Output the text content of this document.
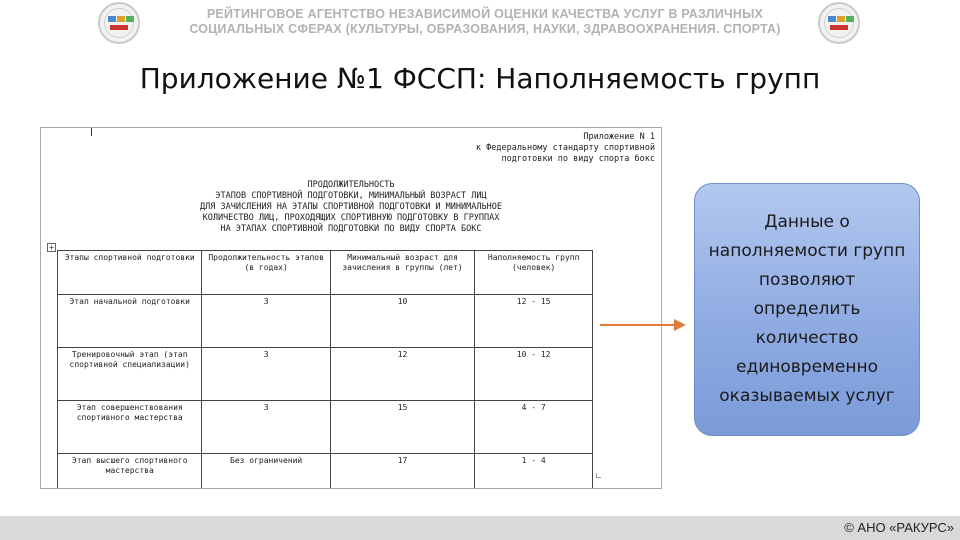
РЕЙТИНГОВОЕ АГЕНТСТВО НЕЗАВИСИМОЙ ОЦЕНКИ КАЧЕСТВА УСЛУГ В РАЗЛИЧНЫХ
СОЦИАЛЬНЫХ СФЕРАХ (КУЛЬТУРЫ, ОБРАЗОВАНИЯ, НАУКИ, ЗДРАВООХРАНЕНИЯ. СПОРТА)
Приложение №1 ФССП: Наполняемость групп
Приложение N 1
к Федеральному стандарту спортивной
подготовки по виду спорта бокс
ПРОДОЛЖИТЕЛЬНОСТЬ
ЭТАПОВ СПОРТИВНОЙ ПОДГОТОВКИ, МИНИМАЛЬНЫЙ ВОЗРАСТ ЛИЦ
ДЛЯ ЗАЧИСЛЕНИЯ НА ЭТАПЫ СПОРТИВНОЙ ПОДГОТОВКИ И МИНИМАЛЬНОЕ
КОЛИЧЕСТВО ЛИЦ, ПРОХОДЯЩИХ СПОРТИВНУЮ ПОДГОТОВКУ В ГРУППАХ
НА ЭТАПАХ СПОРТИВНОЙ ПОДГОТОВКИ ПО ВИДУ СПОРТА БОКС
+
Этапы спортивной подготовки	Продолжительность этапов (в годах)	Минимальный возраст для зачисления в группы (лет)	Наполняемость групп (человек)
Этап начальной подготовки	3	10	12 - 15
Тренировочный этап (этап спортивной специализации)	3	12	10 - 12
Этап совершенствования спортивного мастерства	3	15	4 - 7
Этап высшего спортивного мастерства	Без ограничений	17	1 - 4
Данные о наполняемости групп позволяют определить количество единовременно оказываемых услуг
© АНО «РАКУРС»
